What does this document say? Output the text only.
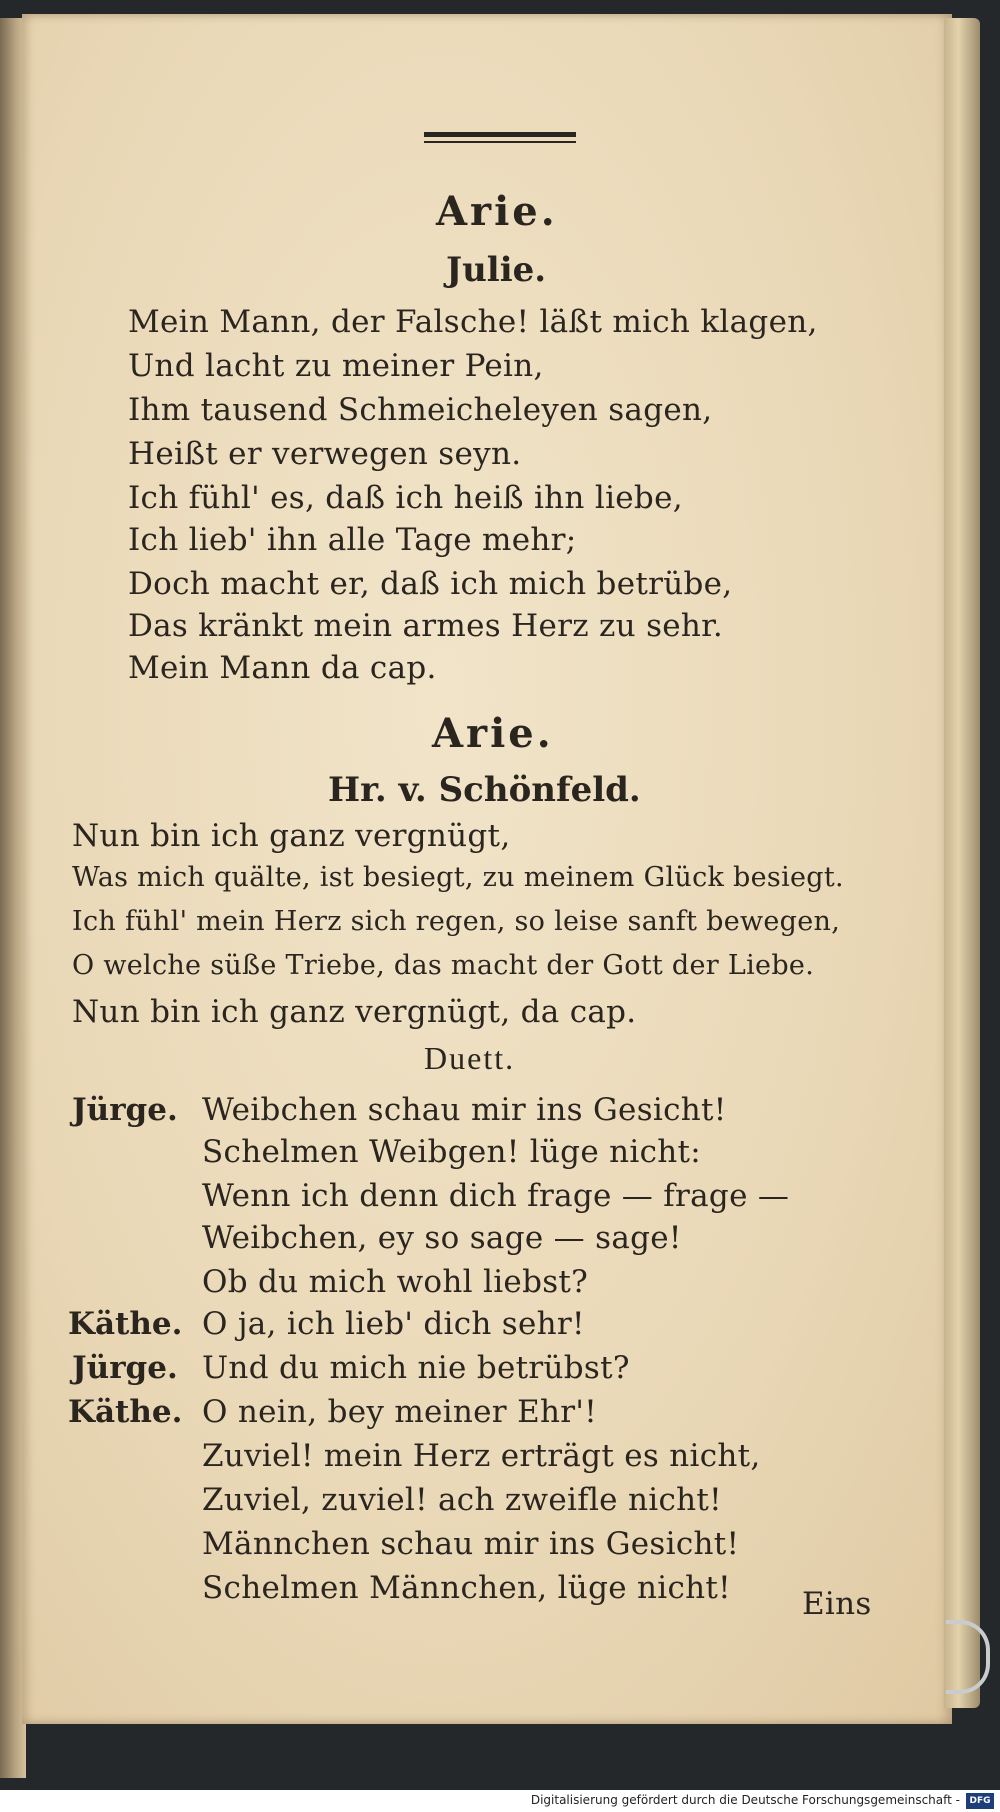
Arie.
Julie.
Mein Mann, der Falsche! läßt mich klagen,
Und lacht zu meiner Pein,
Ihm tausend Schmeicheleyen sagen,
Heißt er verwegen seyn.
Ich fühl' es, daß ich heiß ihn liebe,
Ich lieb' ihn alle Tage mehr;
Doch macht er, daß ich mich betrübe,
Das kränkt mein armes Herz zu sehr.
Mein Mann da cap.
Arie.
Hr. v. Schönfeld.
Nun bin ich ganz vergnügt,
Was mich quälte, ist besiegt, zu meinem Glück besiegt.
Ich fühl' mein Herz sich regen, so leise sanft bewegen,
O welche süße Triebe, das macht der Gott der Liebe.
Nun bin ich ganz vergnügt, da cap.
Duett.
Jürge. Weibchen schau mir ins Gesicht!
Schelmen Weibgen! lüge nicht:
Wenn ich denn dich frage — frage —
Weibchen, ey so sage — sage!
Ob du mich wohl liebst?
Käthe. O ja, ich lieb' dich sehr!
Jürge. Und du mich nie betrübst?
Käthe. O nein, bey meiner Ehr'!
Zuviel! mein Herz erträgt es nicht,
Zuviel, zuviel! ach zweifle nicht!
Männchen schau mir ins Gesicht!
Schelmen Männchen, lüge nicht! Eins
Digitalisierung gefördert durch die Deutsche Forschungsgemeinschaft -	DFG
